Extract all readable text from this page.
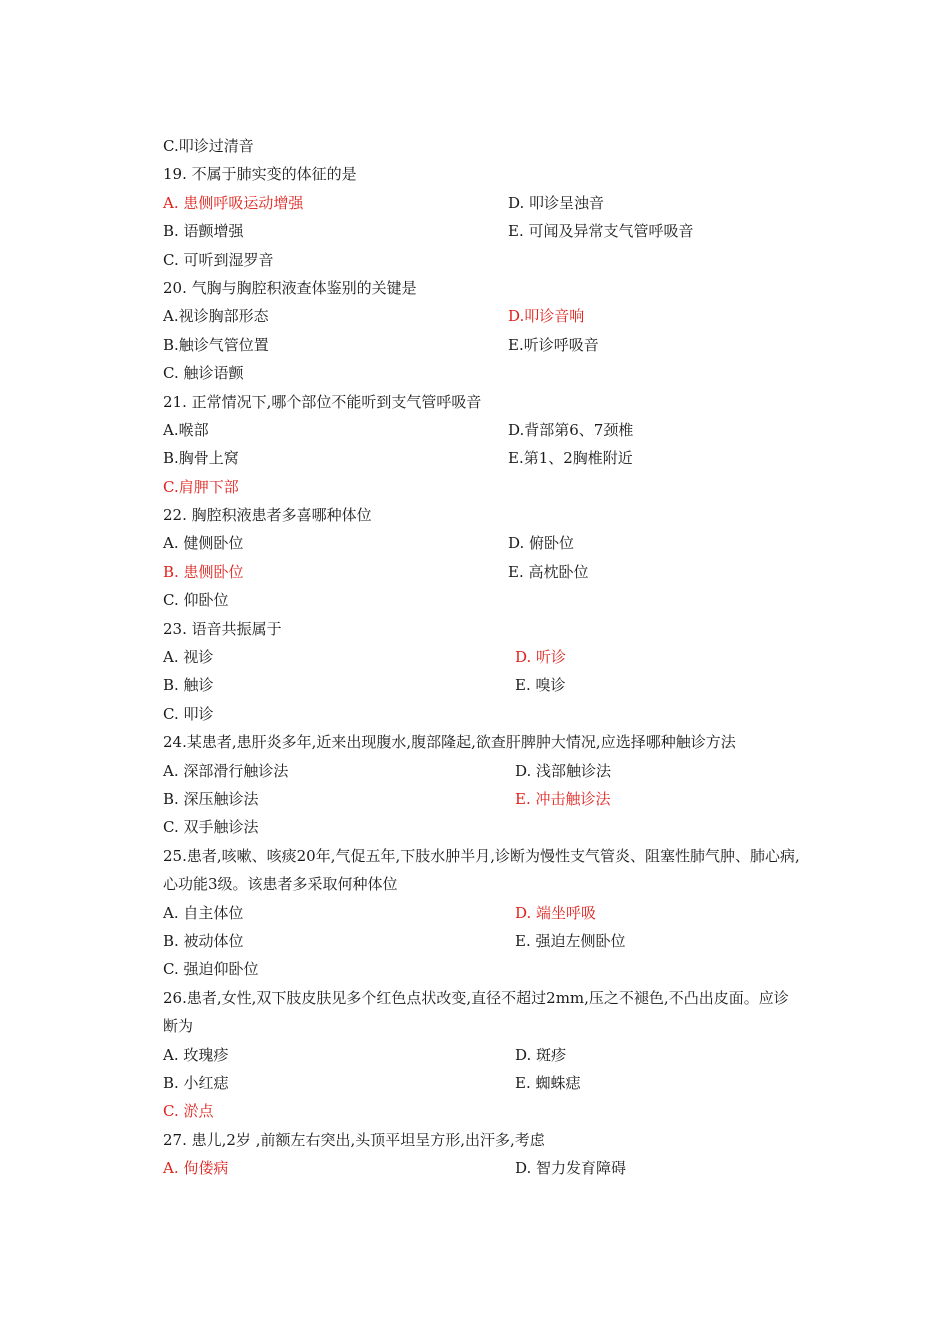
C.叩诊过清音
19. 不属于肺实变的体征的是
A. 患侧呼吸运动增强	D. 叩诊呈浊音
B. 语颤增强	E. 可闻及异常支气管呼吸音
C. 可听到湿罗音
20. 气胸与胸腔积液查体鉴别的关键是
A.视诊胸部形态	D.叩诊音响
B.触诊气管位置	E.听诊呼吸音
C. 触诊语颤
21. 正常情况下,哪个部位不能听到支气管呼吸音
A.喉部	D.背部第6、7颈椎
B.胸骨上窝	E.第1、2胸椎附近
C.肩胛下部
22. 胸腔积液患者多喜哪种体位
A. 健侧卧位	D. 俯卧位
B. 患侧卧位	E. 高枕卧位
C. 仰卧位
23. 语音共振属于
A. 视诊	D. 听诊
B. 触诊	E. 嗅诊
C. 叩诊
24.某患者,患肝炎多年,近来出现腹水,腹部隆起,欲查肝脾肿大情况,应选择哪种触诊方法
A. 深部滑行触诊法	D. 浅部触诊法
B. 深压触诊法	E. 冲击触诊法
C. 双手触诊法
25.患者,咳嗽、咳痰20年,气促五年,下肢水肿半月,诊断为慢性支气管炎、阻塞性肺气肿、肺心病,心功能3级。该患者多采取何种体位
A. 自主体位	D. 端坐呼吸
B. 被动体位	E. 强迫左侧卧位
C. 强迫仰卧位
26.患者,女性,双下肢皮肤见多个红色点状改变,直径不超过2mm,压之不褪色,不凸出皮面。应诊断为
A. 玫瑰疹	D. 斑疹
B. 小红痣	E. 蜘蛛痣
C. 淤点
27. 患儿,2岁 ,前额左右突出,头顶平坦呈方形,出汗多,考虑
A. 佝偻病	D. 智力发育障碍
